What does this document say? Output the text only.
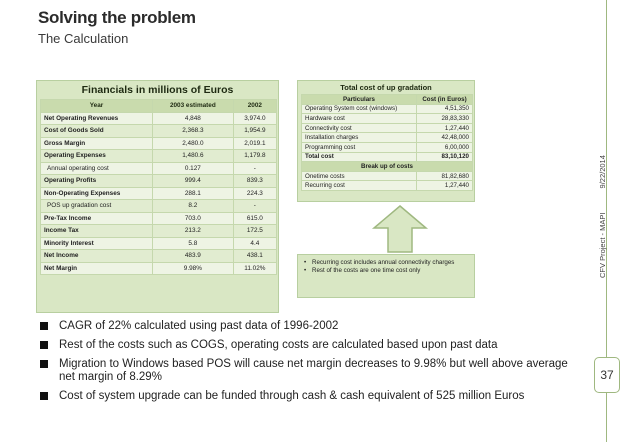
Solving the problem
The Calculation
Financials in millions of Euros
Year	2003 estimated	2002
Net Operating Revenues	4,848	3,974.0
Cost of Goods Sold	2,368.3	1,954.9
Gross Margin	2,480.0	2,019.1
Operating Expenses	1,480.6	1,179.8
Annual operating cost	0.127	-
Operating Profits	999.4	839.3
Non-Operating Expenses	288.1	224.3
POS up gradation cost	8.2	-
Pre-Tax Income	703.0	615.0
Income Tax	213.2	172.5
Minority Interest	5.8	4.4
Net Income	483.9	438.1
Net Margin	9.98%	11.02%
Total cost of up gradation
Particulars	Cost (in Euros)
Operating System cost (windows)	4,51,350
Hardware cost	28,83,330
Connectivity cost	1,27,440
Installation charges	42,48,000
Programming cost	6,00,000
Total cost	83,10,120
Break up of costs	
Onetime costs	81,82,680
Recurring cost	1,27,440
• Recurring cost includes annual connectivity charges
• Rest of the costs are one time cost only
CAGR of 22% calculated using past data of 1996-2002
Rest of the costs such as COGS, operating costs are calculated based upon past data
Migration to Windows based POS will cause net margin decreases to 9.98% but well above average net margin of 8.29%
Cost of system upgrade can be funded through cash & cash equivalent of 525 million Euros
CFV Project - MAPI 9/22/2014
37
